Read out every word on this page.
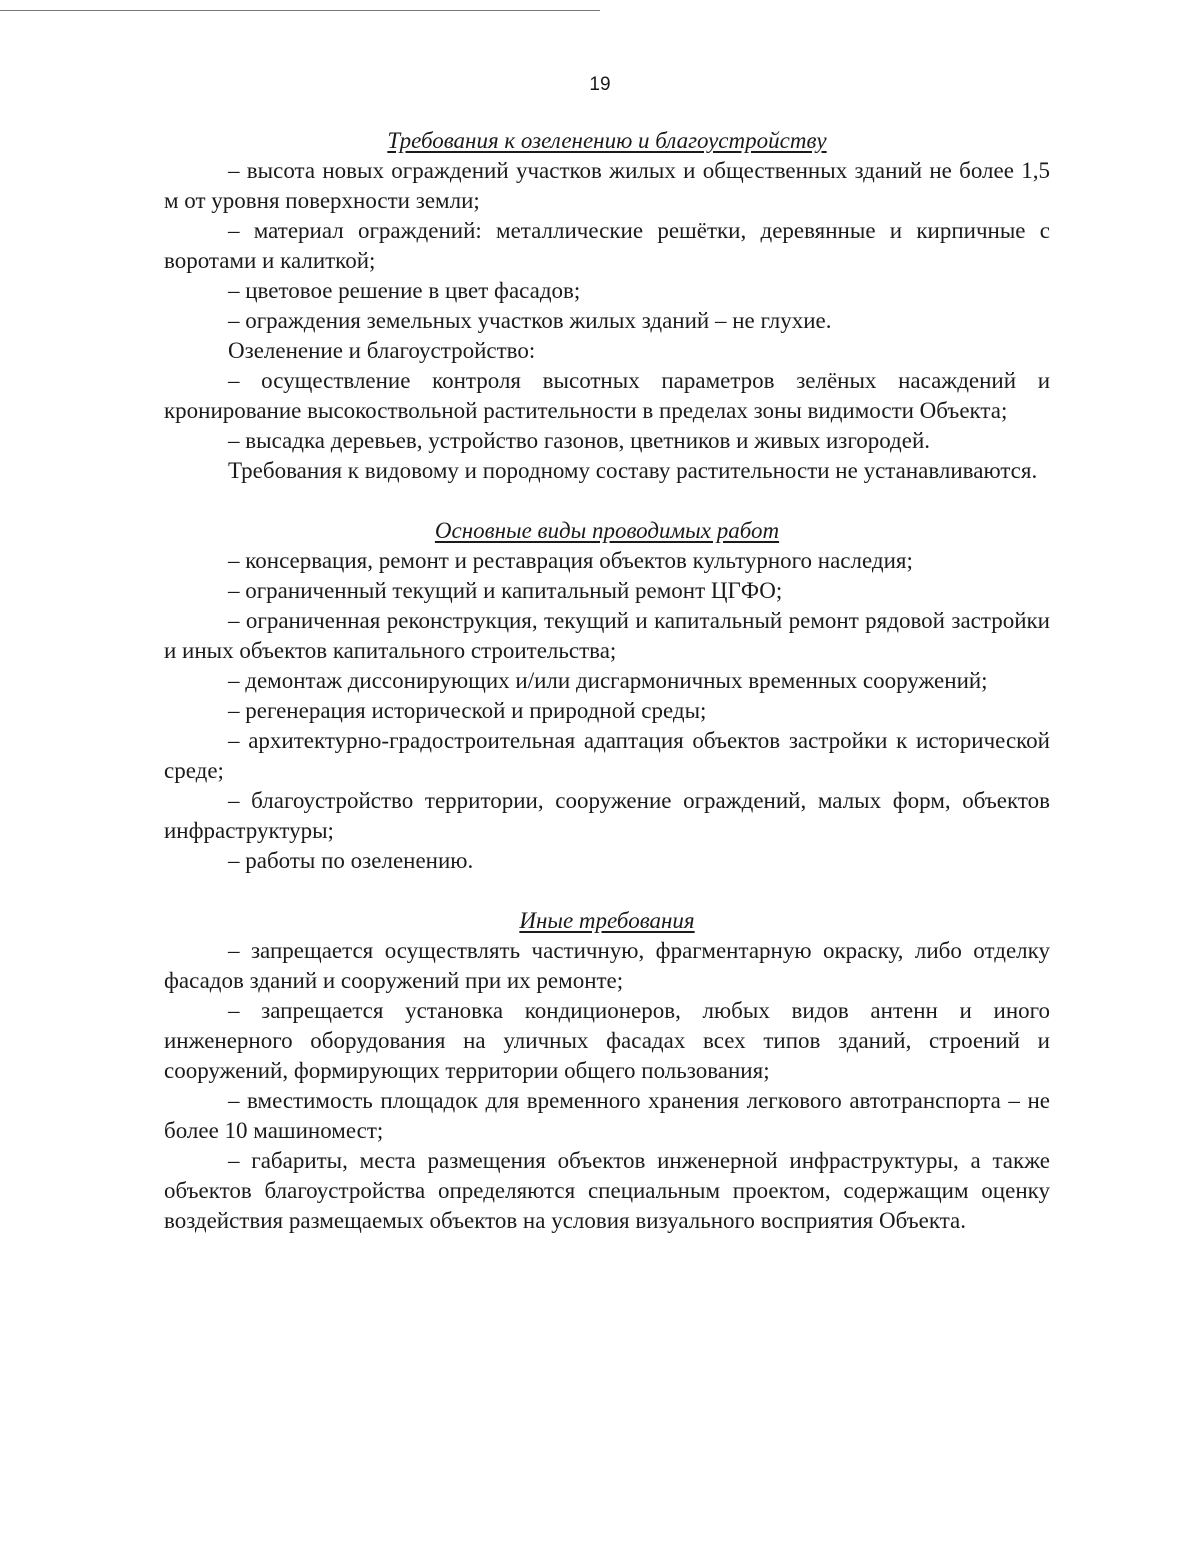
19

Требования к озеленению и благоустройству

– высота новых ограждений участков жилых и общественных зданий не более 1,5 м от уровня поверхности земли;

– материал ограждений: металлические решётки, деревянные и кирпичные с воротами и калиткой;

– цветовое решение в цвет фасадов;

– ограждения земельных участков жилых зданий – не глухие.

Озеленение и благоустройство:

– осуществление контроля высотных параметров зелёных насаждений и кронирование высокоствольной растительности в пределах зоны видимости Объекта;

– высадка деревьев, устройство газонов, цветников и живых изгородей.

Требования к видовому и породному составу растительности не устанавливаются.

Основные виды проводимых работ

– консервация, ремонт и реставрация объектов культурного наследия;

– ограниченный текущий и капитальный ремонт ЦГФО;

– ограниченная реконструкция, текущий и капитальный ремонт рядовой застройки и иных объектов капитального строительства;

– демонтаж диссонирующих и/или дисгармоничных временных сооружений;

– регенерация исторической и природной среды;

– архитектурно-градостроительная адаптация объектов застройки к исторической среде;

– благоустройство территории, сооружение ограждений, малых форм, объектов инфраструктуры;

– работы по озеленению.

Иные требования

– запрещается осуществлять частичную, фрагментарную окраску, либо отделку фасадов зданий и сооружений при их ремонте;

– запрещается установка кондиционеров, любых видов антенн и иного инженерного оборудования на уличных фасадах всех типов зданий, строений и сооружений, формирующих территории общего пользования;

– вместимость площадок для временного хранения легкового автотранспорта – не более 10 машиномест;

– габариты, места размещения объектов инженерной инфраструктуры, а также объектов благоустройства определяются специальным проектом, содержащим оценку воздействия размещаемых объектов на условия визуального восприятия Объекта.
